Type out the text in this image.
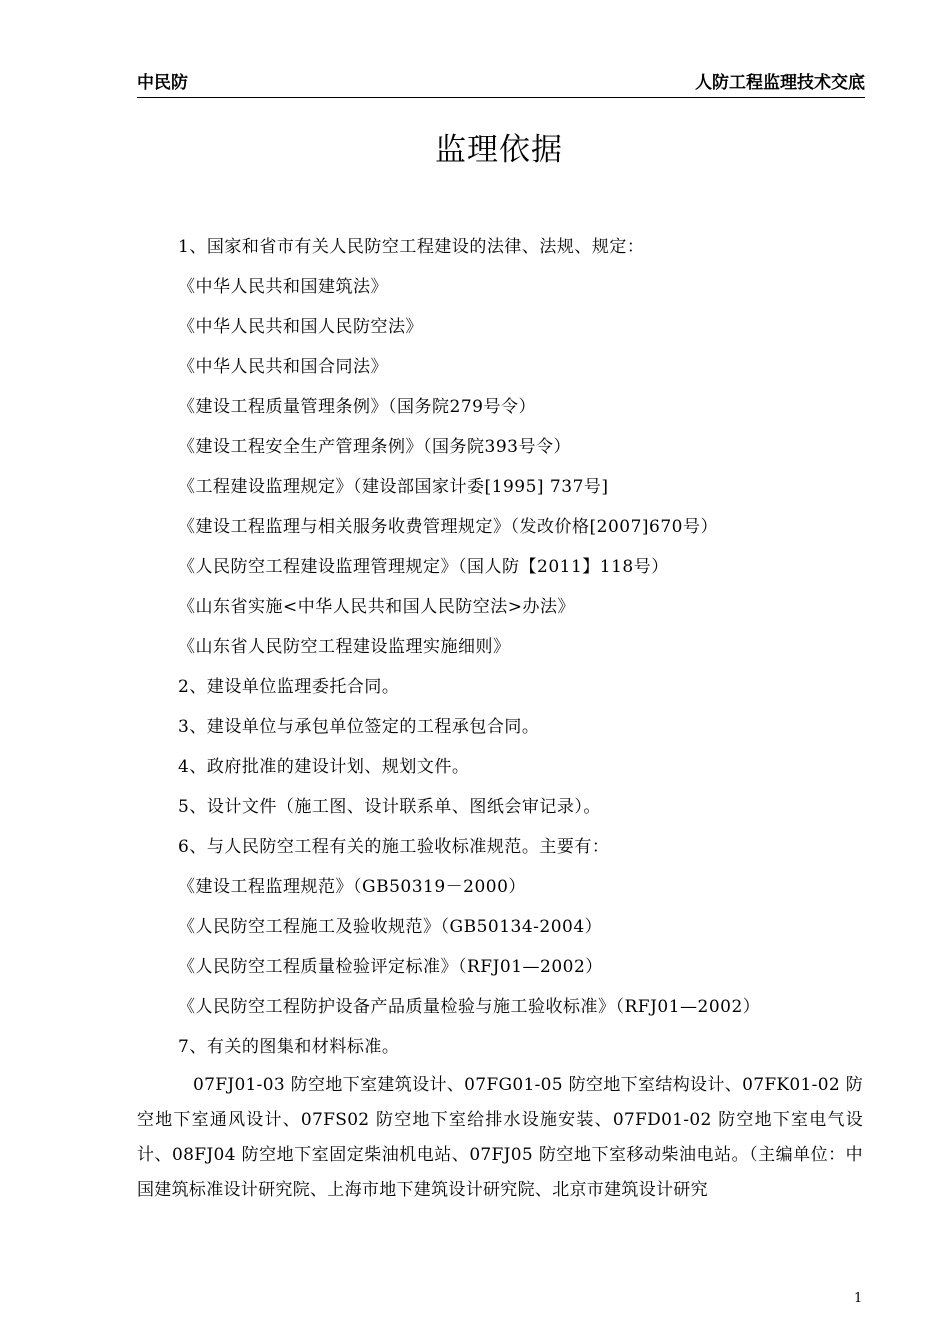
中民防	人防工程监理技术交底
监理依据
1、国家和省市有关人民防空工程建设的法律、法规、规定：
《中华人民共和国建筑法》
《中华人民共和国人民防空法》
《中华人民共和国合同法》
《建设工程质量管理条例》（国务院279号令）
《建设工程安全生产管理条例》（国务院393号令）
《工程建设监理规定》（建设部国家计委[1995] 737号]
《建设工程监理与相关服务收费管理规定》（发改价格[2007]670号）
《人民防空工程建设监理管理规定》（国人防【2011】118号）
《山东省实施<中华人民共和国人民防空法>办法》
《山东省人民防空工程建设监理实施细则》
2、建设单位监理委托合同。
3、建设单位与承包单位签定的工程承包合同。
4、政府批准的建设计划、规划文件。
5、设计文件（施工图、设计联系单、图纸会审记录）。
6、与人民防空工程有关的施工验收标准规范。主要有：
《建设工程监理规范》（GB50319－2000）
《人民防空工程施工及验收规范》（GB50134-2004）
《人民防空工程质量检验评定标准》（RFJ01—2002）
《人民防空工程防护设备产品质量检验与施工验收标准》（RFJ01—2002）
7、有关的图集和材料标准。
07FJ01-03 防空地下室建筑设计、07FG01-05 防空地下室结构设计、07FK01-02 防空地下室通风设计、07FS02 防空地下室给排水设施安装、07FD01-02 防空地下室电气设计、08FJ04 防空地下室固定柴油机电站、07FJ05 防空地下室移动柴油电站。（主编单位：中国建筑标准设计研究院、上海市地下建筑设计研究院、北京市建筑设计研究
1
